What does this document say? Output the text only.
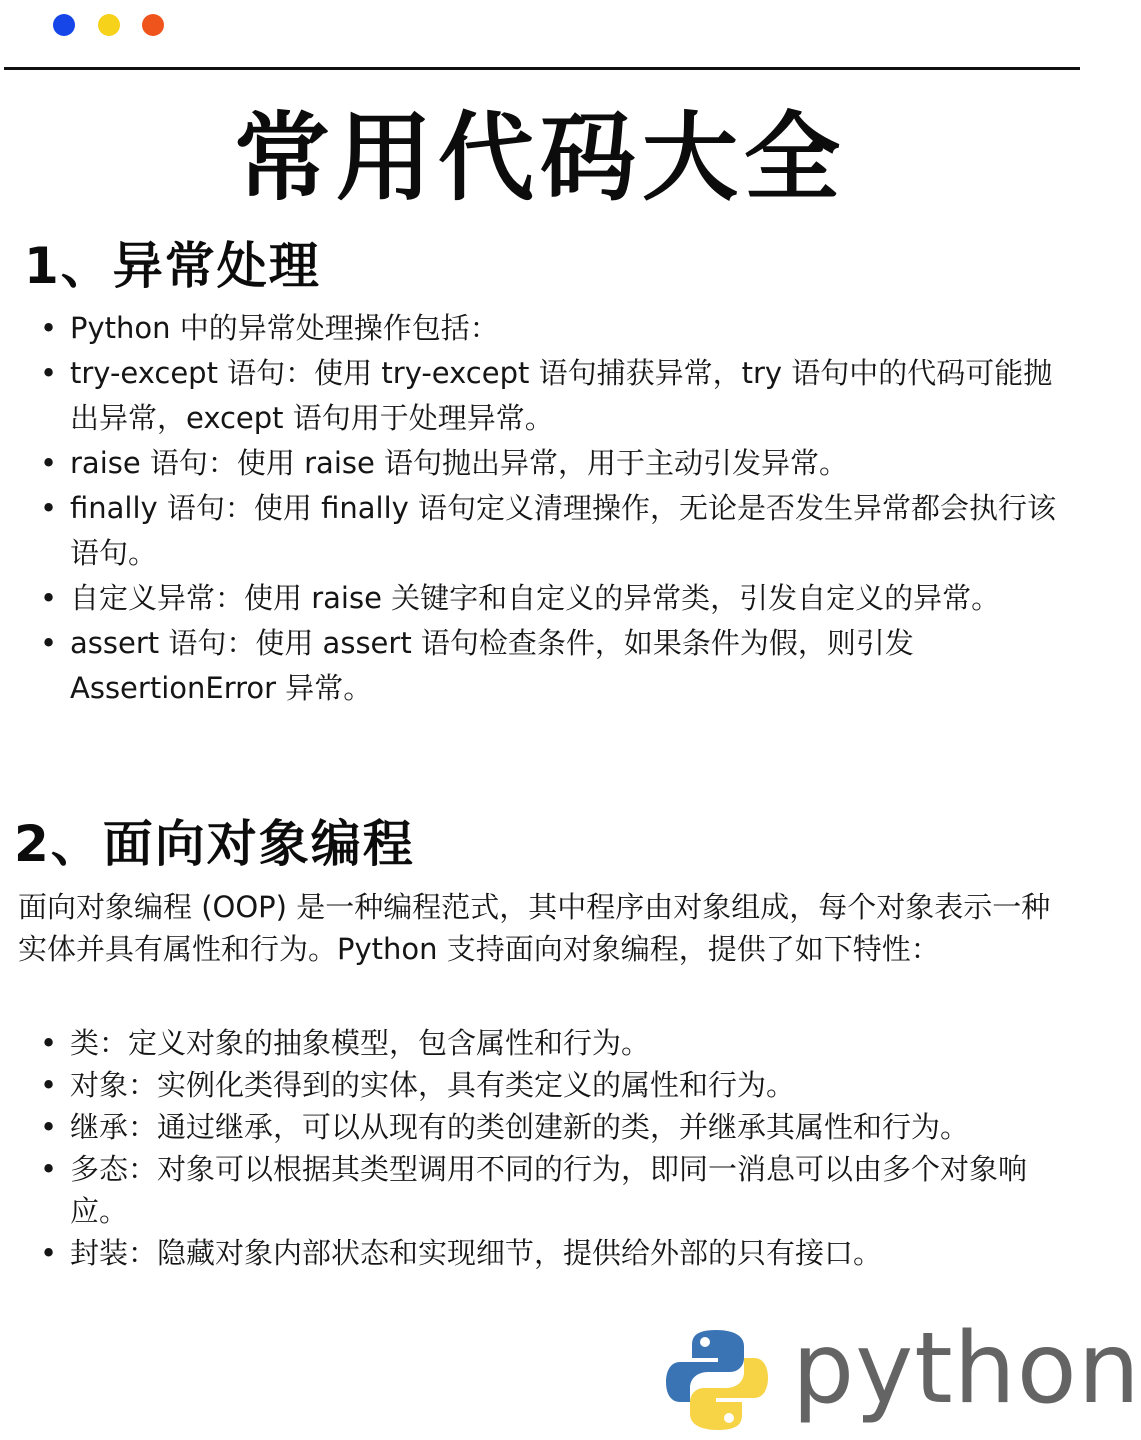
常用代码大全
1、异常处理
• Python 中的异常处理操作包括：
• try-except 语句：使用 try-except 语句捕获异常，try 语句中的代码可能抛出异常，except 语句用于处理异常。
• raise 语句：使用 raise 语句抛出异常，用于主动引发异常。
• finally 语句：使用 finally 语句定义清理操作，无论是否发生异常都会执行该语句。
• 自定义异常：使用 raise 关键字和自定义的异常类，引发自定义的异常。
• assert 语句：使用 assert 语句检查条件，如果条件为假，则引发 AssertionError 异常。
2、面向对象编程
面向对象编程 (OOP) 是一种编程范式，其中程序由对象组成，每个对象表示一种实体并具有属性和行为。Python 支持面向对象编程，提供了如下特性：
• 类：定义对象的抽象模型，包含属性和行为。
• 对象：实例化类得到的实体，具有类定义的属性和行为。
• 继承：通过继承，可以从现有的类创建新的类，并继承其属性和行为。
• 多态：对象可以根据其类型调用不同的行为，即同一消息可以由多个对象响应。
• 封装：隐藏对象内部状态和实现细节，提供给外部的只有接口。
python
